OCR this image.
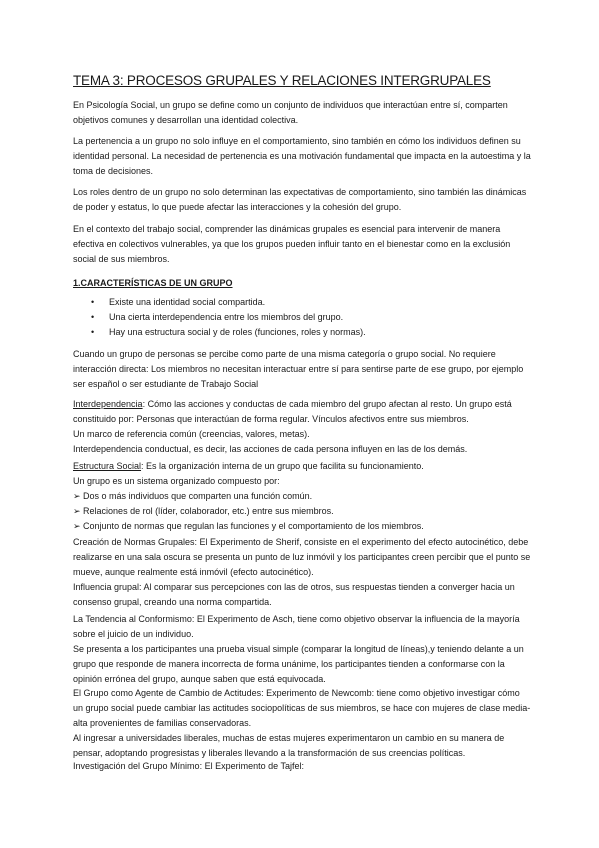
TEMA 3: PROCESOS GRUPALES Y RELACIONES INTERGRUPALES

En Psicología Social, un grupo se define como un conjunto de individuos que interactúan entre sí, comparten objetivos comunes y desarrollan una identidad colectiva.

La pertenencia a un grupo no solo influye en el comportamiento, sino también en cómo los individuos definen su identidad personal. La necesidad de pertenencia es una motivación fundamental que impacta en la autoestima y la toma de decisiones.

Los roles dentro de un grupo no solo determinan las expectativas de comportamiento, sino también las dinámicas de poder y estatus, lo que puede afectar las interacciones y la cohesión del grupo.

En el contexto del trabajo social, comprender las dinámicas grupales es esencial para intervenir de manera efectiva en colectivos vulnerables, ya que los grupos pueden influir tanto en el bienestar como en la exclusión social de sus miembros.

1.CARACTERÍSTICAS DE UN GRUPO

• Existe una identidad social compartida.
• Una cierta interdependencia entre los miembros del grupo.
• Hay una estructura social y de roles (funciones, roles y normas).

Cuando un grupo de personas se percibe como parte de una misma categoría o grupo social. No requiere interacción directa: Los miembros no necesitan interactuar entre sí para sentirse parte de ese grupo, por ejemplo ser español o ser estudiante de Trabajo Social

Interdependencia: Cómo las acciones y conductas de cada miembro del grupo afectan al resto. Un grupo está constituido por: Personas que interactúan de forma regular. Vínculos afectivos entre sus miembros.

Un marco de referencia común (creencias, valores, metas).

Interdependencia conductual, es decir, las acciones de cada persona influyen en las de los demás.

Estructura Social: Es la organización interna de un grupo que facilita su funcionamiento.

Un grupo es un sistema organizado compuesto por:

➢ Dos o más individuos que comparten una función común.

➢ Relaciones de rol (líder, colaborador, etc.) entre sus miembros.

➢ Conjunto de normas que regulan las funciones y el comportamiento de los miembros.

Creación de Normas Grupales: El Experimento de Sherif, consiste en el experimento del efecto autocinético, debe realizarse en una sala oscura se presenta un punto de luz inmóvil y los participantes creen percibir que el punto se mueve, aunque realmente está inmóvil (efecto autocinético).

Influencia grupal: Al comparar sus percepciones con las de otros, sus respuestas tienden a converger hacia un consenso grupal, creando una norma compartida.

La Tendencia al Conformismo: El Experimento de Asch, tiene como objetivo observar la influencia de la mayoría sobre el juicio de un individuo.

Se presenta a los participantes una prueba visual simple (comparar la longitud de líneas),y teniendo delante a un grupo que responde de manera incorrecta de forma unánime, los participantes tienden a conformarse con la opinión errónea del grupo, aunque saben que está equivocada.

El Grupo como Agente de Cambio de Actitudes: Experimento de Newcomb: tiene como objetivo investigar cómo un grupo social puede cambiar las actitudes sociopolíticas de sus miembros, se hace con mujeres de clase media-alta provenientes de familias conservadoras.

Al ingresar a universidades liberales, muchas de estas mujeres experimentaron un cambio en su manera de pensar, adoptando progresistas y liberales llevando a la transformación de sus creencias políticas.

Investigación del Grupo Mínimo: El Experimento de Tajfel:
